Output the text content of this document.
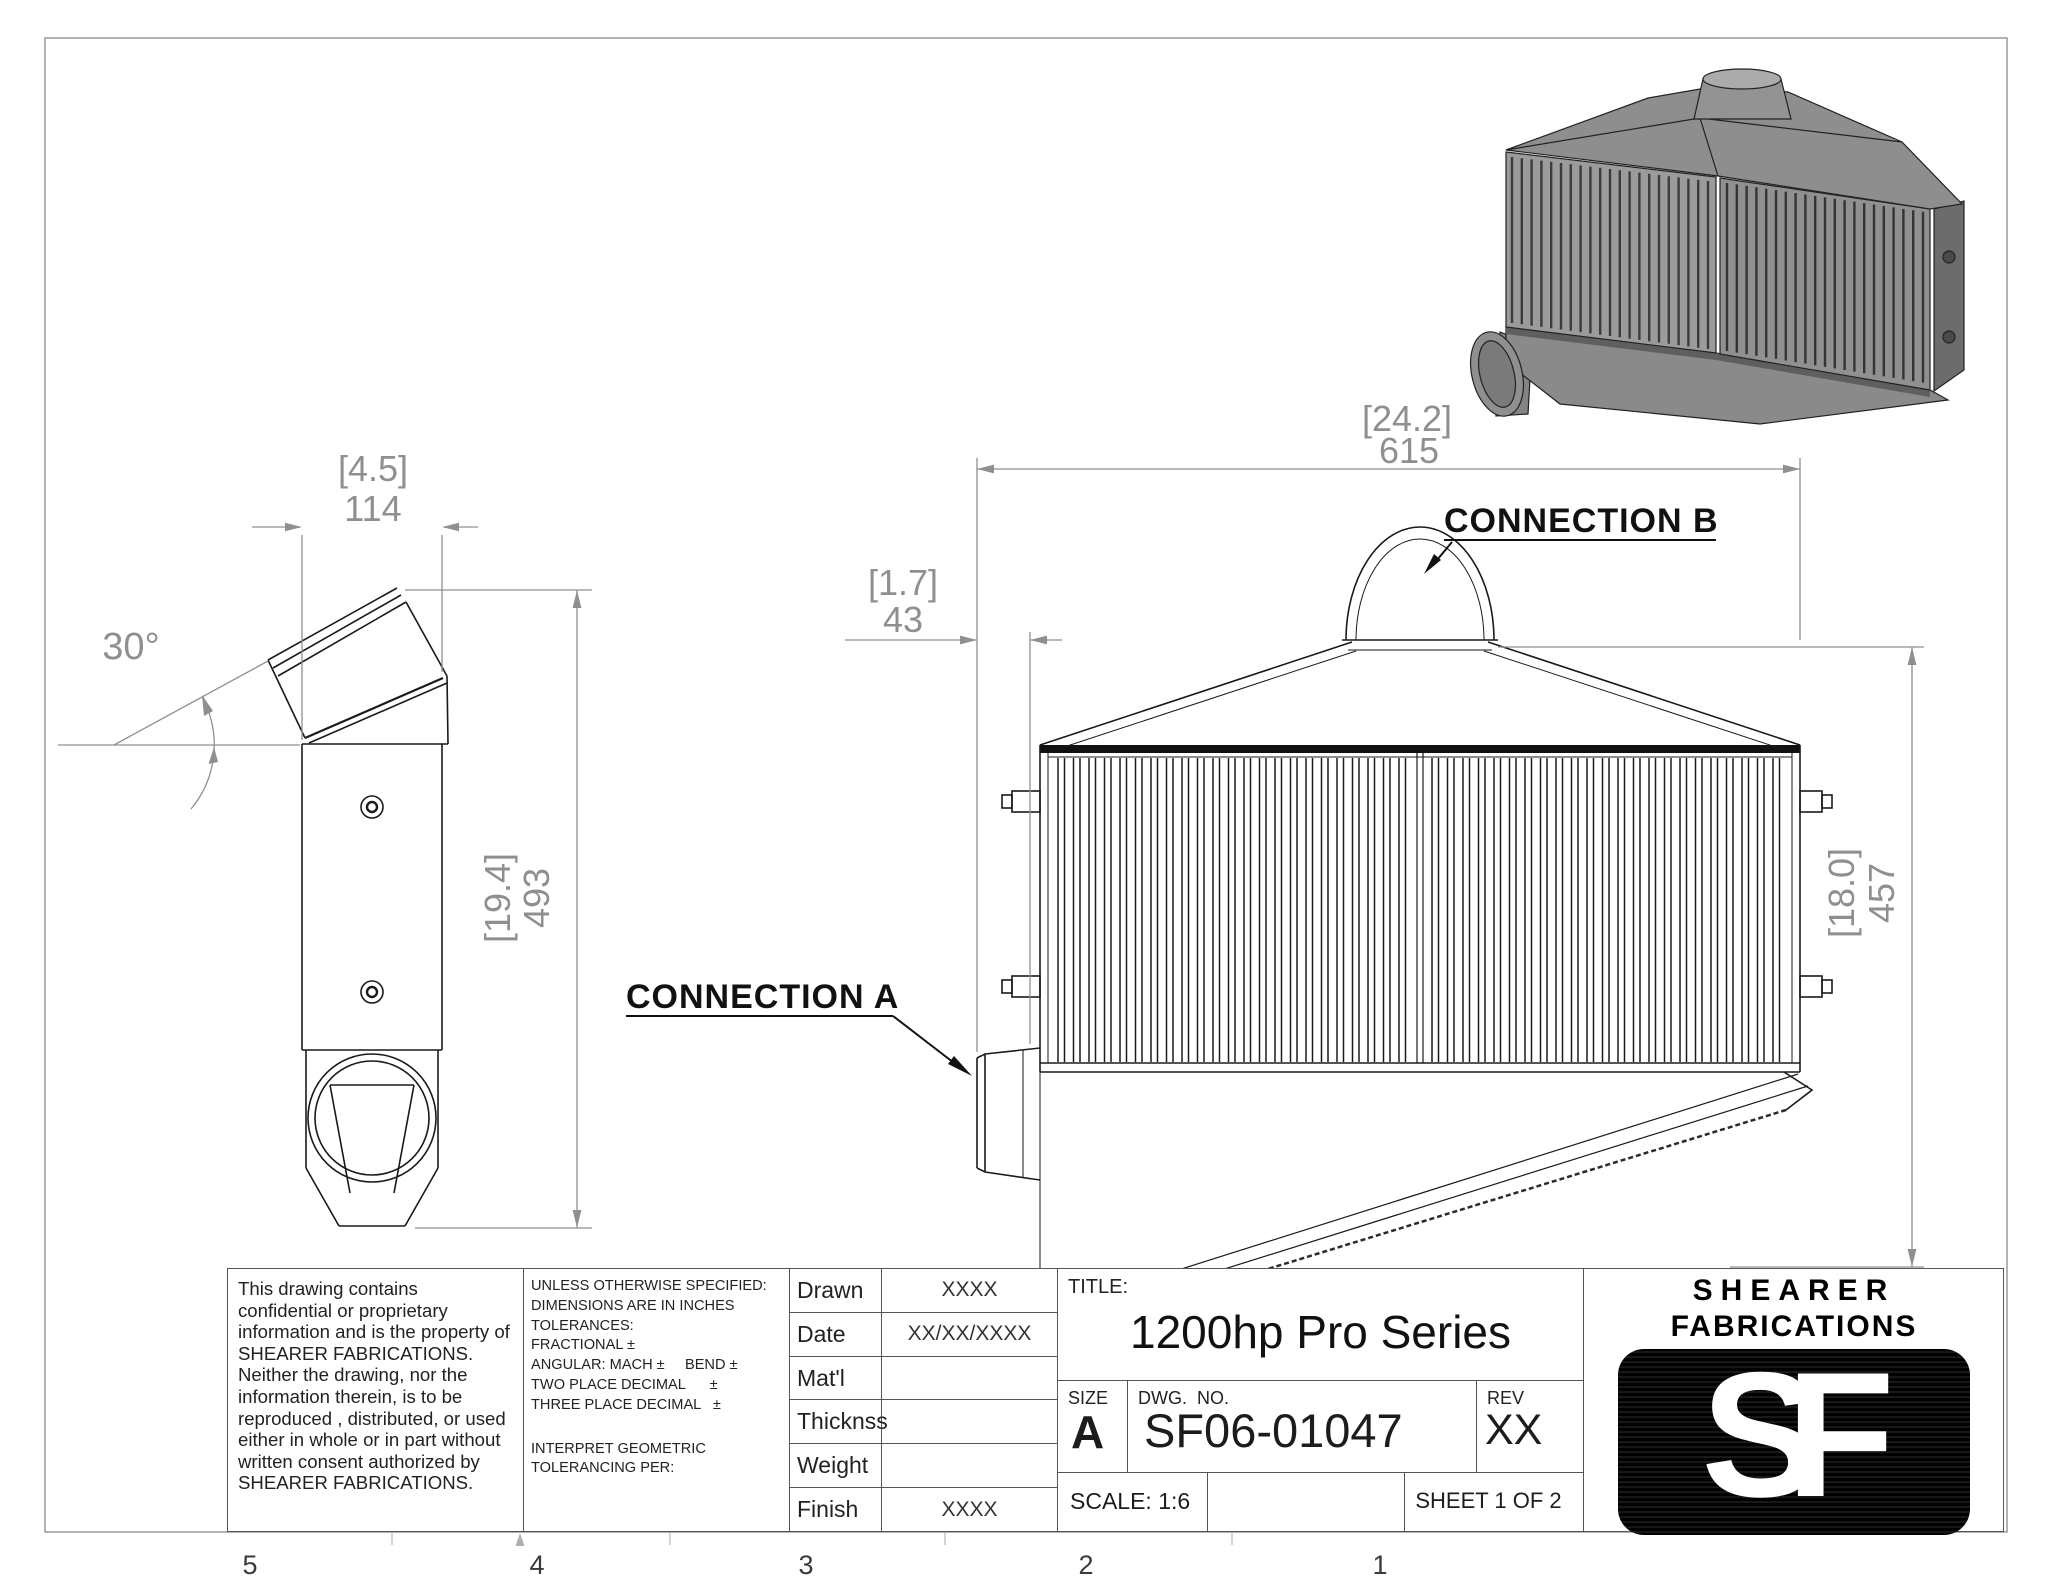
5	4	3	2	1
[4.5]
114
30°
[19.4]
493
[24.2]
615
[1.7]
43
[18.0] 457
CONNECTION A
CONNECTION B
This drawing contains confidential or proprietary information and is the property of SHEARER FABRICATIONS. Neither the drawing, nor the information therein, is to be reproduced , distributed, or used either in whole or in part without written consent authorized by SHEARER FABRICATIONS.
UNLESS OTHERWISE SPECIFIED:
DIMENSIONS ARE IN INCHES
TOLERANCES:
FRACTIONAL ±
ANGULAR: MACH ±     BEND ±
TWO PLACE DECIMAL      ±
THREE PLACE DECIMAL   ±
INTERPRET GEOMETRIC
TOLERANCING PER:
Drawn	XXXX
Date	XX/XX/XXXX
Mat'l
Thicknss
Weight
Finish	XXXX
TITLE:
1200hp Pro Series
SIZE
A
DWG.  NO.
SF06-01047
REV
XX
SCALE: 1:6	SHEET 1 OF 2
SHEARER
FABRICATIONS
SF
